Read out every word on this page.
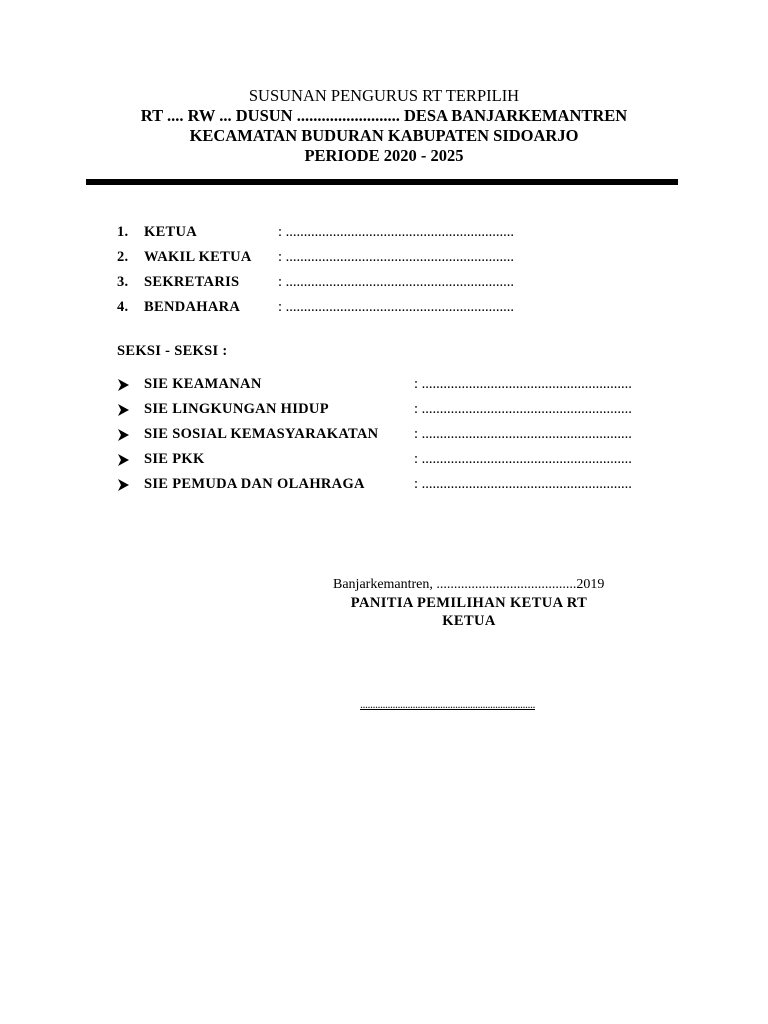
SUSUNAN PENGURUS RT TERPILIH

RT .... RW ... DUSUN ......................... DESA BANJARKEMANTREN

KECAMATAN BUDURAN KABUPATEN SIDOARJO

PERIODE 2020 - 2025

1. KETUA	: ...............................................................
2. WAKIL KETUA : ...............................................................
3. SEKRETARIS	: ...............................................................
4. BENDAHARA	: ...............................................................
SEKSI - SEKSI :
SIE KEAMANAN	: ..........................................................
SIE LINGKUNGAN HIDUP	: ..........................................................
SIE SOSIAL KEMASYARAKATAN : ..........................................................
SIE PKK	: ..........................................................
SIE PEMUDA DAN OLAHRAGA	: ..........................................................
Banjarkemantren, ........................................2019
PANITIA PEMILIHAN KETUA RT
KETUA
......................................................................
